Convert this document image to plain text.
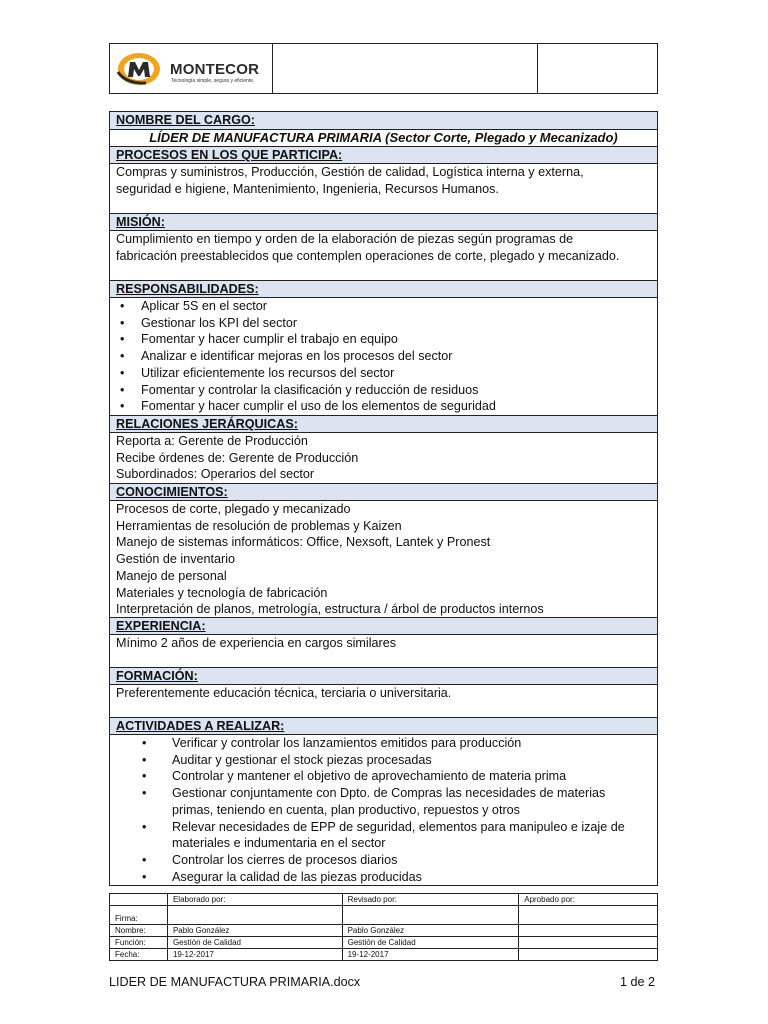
MONTECOR
Tecnología simple, segura y eficiente.
NOMBRE DEL CARGO:
LÍDER DE MANUFACTURA PRIMARIA (Sector Corte, Plegado y Mecanizado)
PROCESOS EN LOS QUE PARTICIPA:

Compras y suministros, Producción, Gestión de calidad, Logística interna y externa,

seguridad e higiene, Mantenimiento, Ingenieria, Recursos Humanos.

MISIÓN:

Cumplimiento en tiempo y orden de la elaboración de piezas según programas de

fabricación preestablecidos que contemplen operaciones de corte, plegado y mecanizado.

RESPONSABILIDADES:
• Aplicar 5S en el sector
• Gestionar los KPI del sector
• Fomentar y hacer cumplir el trabajo en equipo
• Analizar e identificar mejoras en los procesos del sector
• Utilizar eficientemente los recursos del sector
• Fomentar y controlar la clasificación y reducción de residuos
• Fomentar y hacer cumplir el uso de los elementos de seguridad
RELACIONES JERÁRQUICAS:

Reporta a: Gerente de Producción

Recibe órdenes de: Gerente de Producción

Subordinados: Operarios del sector

CONOCIMIENTOS:

Procesos de corte, plegado y mecanizado

Herramientas de resolución de problemas y Kaizen

Manejo de sistemas informáticos: Office, Nexsoft, Lantek y Pronest

Gestión de inventario

Manejo de personal

Materiales y tecnología de fabricación

Interpretación de planos, metrología, estructura / árbol de productos internos

EXPERIENCIA:

Mínimo 2 años de experiencia en cargos similares

FORMACIÓN:

Preferentemente educación técnica, terciaria o universitaria.

ACTIVIDADES A REALIZAR:
• Verificar y controlar los lanzamientos emitidos para producción
• Auditar y gestionar el stock piezas procesadas
• Controlar y mantener el objetivo de aprovechamiento de materia prima
• Gestionar conjuntamente con Dpto. de Compras las necesidades de materias
primas, teniendo en cuenta, plan productivo, repuestos y otros
• Relevar necesidades de EPP de seguridad, elementos para manipuleo e izaje de
materiales e indumentaria en el sector
• Controlar los cierres de procesos diarios
• Asegurar la calidad de las piezas producidas
	Elaborado por:	Revisado por:	Aprobado por:
Firma:			
Nombre:	Pablo González	Pablo González	
Función:	Gestión de Calidad	Gestión de Calidad	
Fecha:	19-12-2017	19-12-2017	
LIDER DE MANUFACTURA PRIMARIA.docx	1 de 2
